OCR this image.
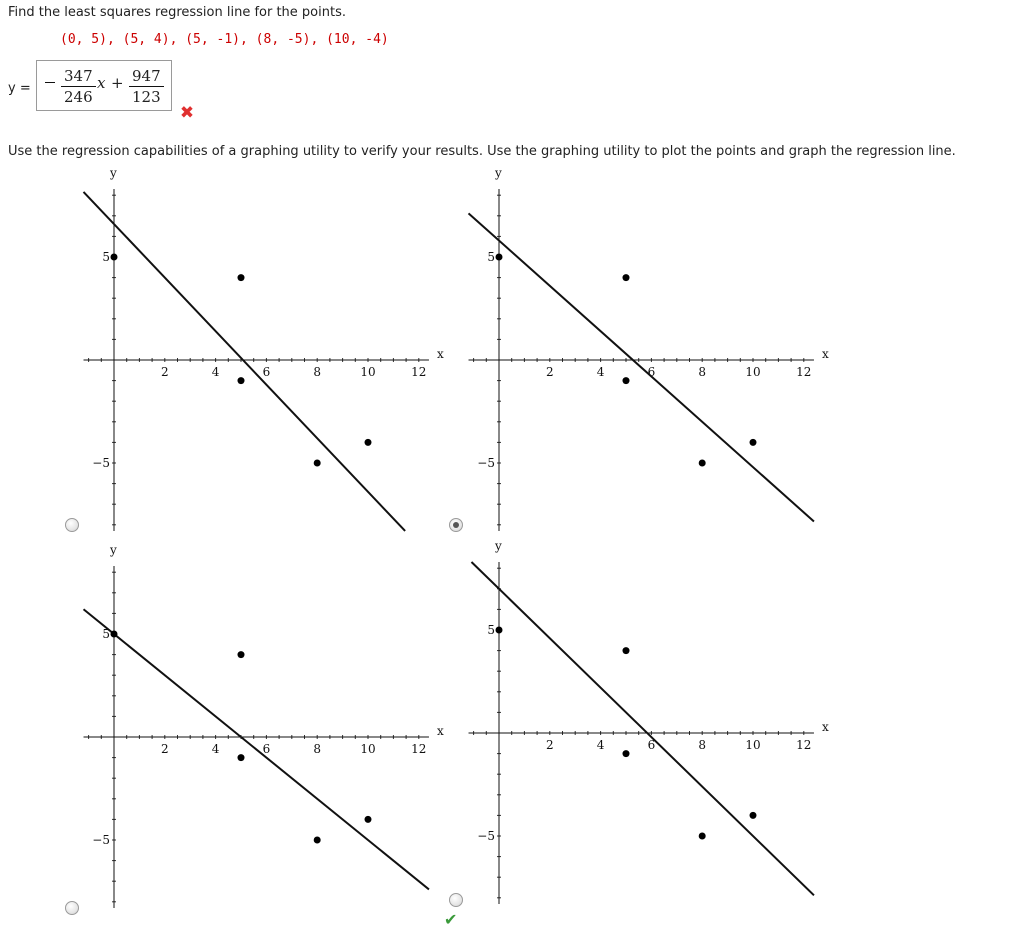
Find the least squares regression line for the points.
(0, 5), (5, 4), (5, -1), (8, -5), (10, -4)
y =
347
246
x + 947
123
✖
Use the regression capabilities of a graphing utility to verify your results. Use the graphing utility to plot the points and graph the regression line.
x
y
2	4	6	8	10	12
5
−5
x
y
2	4	6	8	10	12
5
−5
x
y
2	4	6	8	10	12
5
−5
x
y
2	4	6	8	10	12
5
−5
✔
